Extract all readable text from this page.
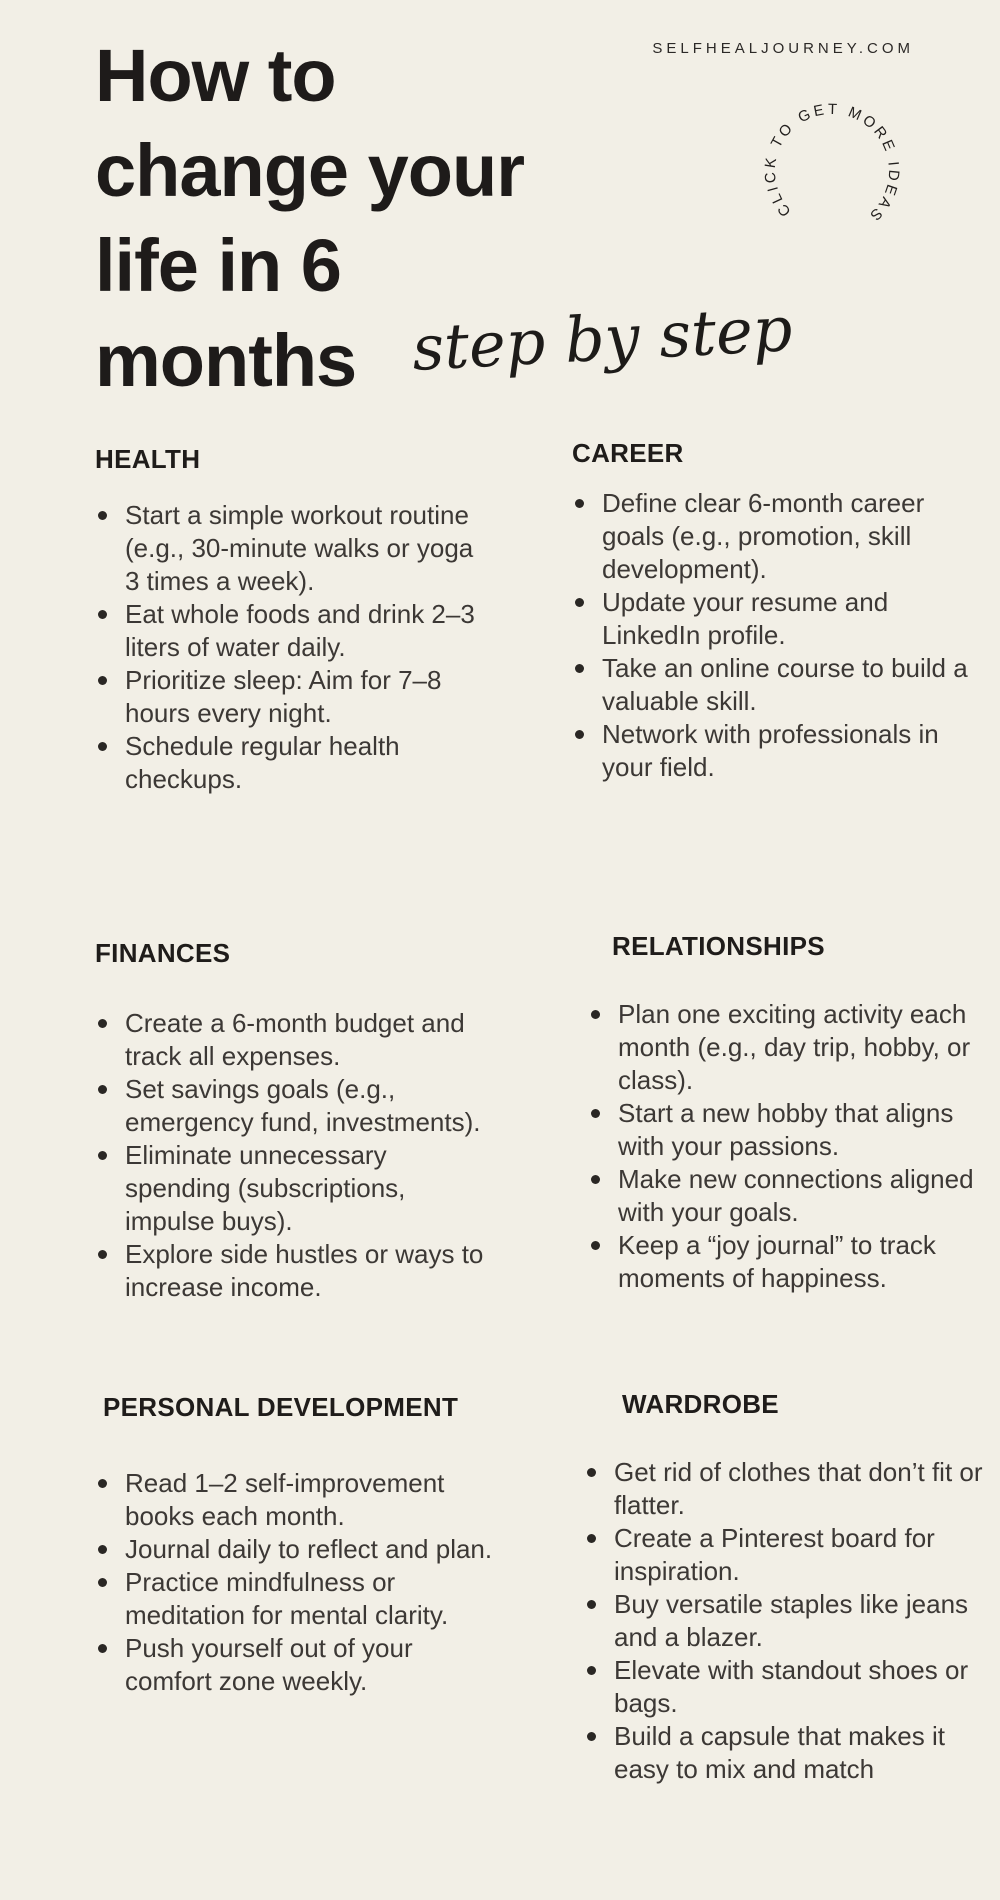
How to
change your
life in 6
months step by step
SELFHEALJOURNEY.COM
CLICK TO GET MORE IDEAS
HEALTH
Start a simple workout routine (e.g., 30-minute walks or yoga 3 times a week).
Eat whole foods and drink 2–3 liters of water daily.
Prioritize sleep: Aim for 7–8 hours every night.
Schedule regular health checkups.
CAREER
Define clear 6-month career goals (e.g., promotion, skill development).
Update your resume and LinkedIn profile.
Take an online course to build a valuable skill.
Network with professionals in your field.
FINANCES
Create a 6-month budget and track all expenses.
Set savings goals (e.g., emergency fund, investments).
Eliminate unnecessary spending (subscriptions, impulse buys).
Explore side hustles or ways to increase income.
RELATIONSHIPS
Plan one exciting activity each month (e.g., day trip, hobby, or class).
Start a new hobby that aligns with your passions.
Make new connections aligned with your goals.
Keep a “joy journal” to track moments of happiness.
PERSONAL DEVELOPMENT
Read 1–2 self-improvement books each month.
Journal daily to reflect and plan.
Practice mindfulness or meditation for mental clarity.
Push yourself out of your comfort zone weekly.
WARDROBE
Get rid of clothes that don’t fit or flatter.
Create a Pinterest board for inspiration.
Buy versatile staples like jeans and a blazer.
Elevate with standout shoes or bags.
Build a capsule that makes it easy to mix and match
